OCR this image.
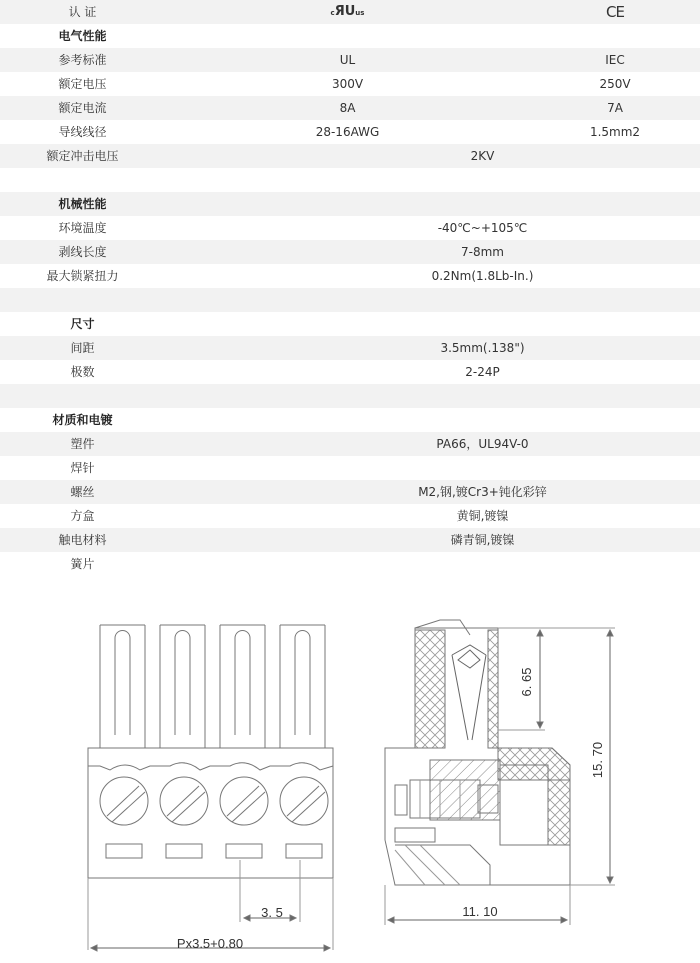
认 证	cЯUus	CE
电气性能
参考标准	UL	IEC
额定电压	300V	250V
额定电流	8A	7A
导线线径	28-16AWG	1.5mm2
额定冲击电压	2KV
机械性能
环境温度	-40℃~+105℃
剥线长度	7-8mm
最大锁紧扭力	0.2Nm(1.8Lb-In.)
尺寸
间距	3.5mm(.138")
极数	2-24P
材质和电镀
塑件	PA66，UL94V-0
焊针
螺丝	M2,钢,镀Cr3+钝化彩锌
方盒	黄铜,镀镍
触电材料	磷青铜,镀镍
簧片
3. 5
Px3.5+0.80
11. 10
6. 65
15. 70
